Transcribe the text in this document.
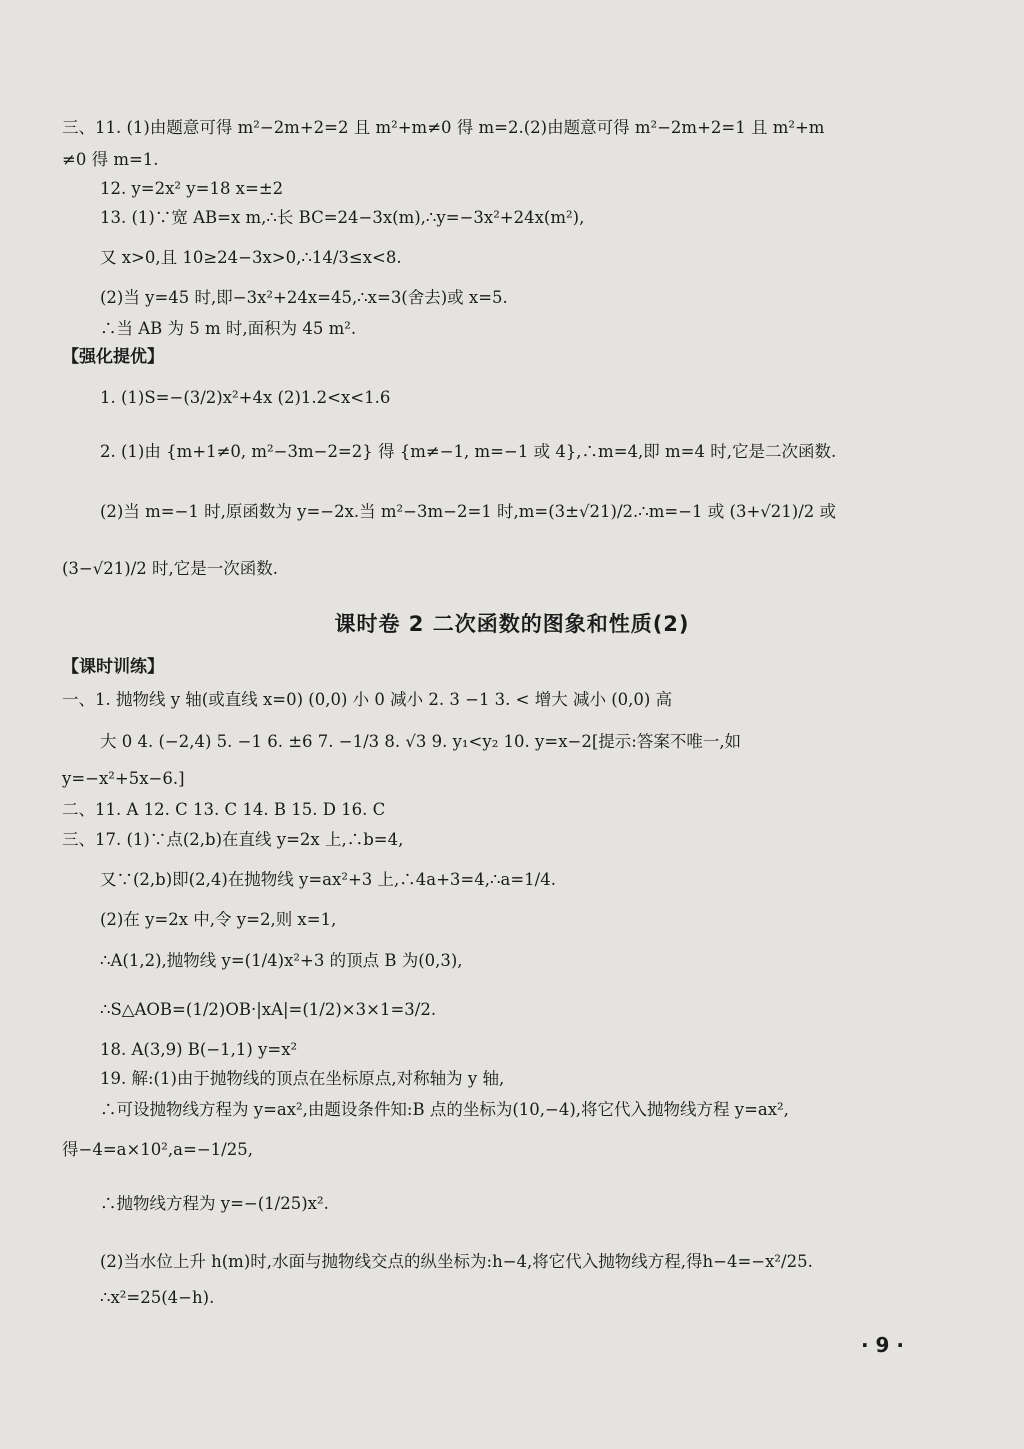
三、11. (1)由题意可得 m²−2m+2=2 且 m²+m≠0 得 m=2.(2)由题意可得 m²−2m+2=1 且 m²+m
≠0 得 m=1.
12. y=2x² y=18 x=±2
13. (1)∵宽 AB=x m,∴长 BC=24−3x(m),∴y=−3x²+24x(m²),
又 x>0,且 10≥24−3x>0,∴14/3≤x<8.
(2)当 y=45 时,即−3x²+24x=45,∴x=3(舍去)或 x=5.
∴当 AB 为 5 m 时,面积为 45 m².
【强化提优】
1. (1)S=−(3/2)x²+4x (2)1.2<x<1.6
2. (1)由 {m+1≠0, m²−3m−2=2} 得 {m≠−1, m=−1 或 4},∴m=4,即 m=4 时,它是二次函数.
(2)当 m=−1 时,原函数为 y=−2x.当 m²−3m−2=1 时,m=(3±√21)/2.∴m=−1 或 (3+√21)/2 或
(3−√21)/2 时,它是一次函数.
课时卷 2 二次函数的图象和性质(2)
【课时训练】
一、1. 抛物线 y 轴(或直线 x=0) (0,0) 小 0 减小 2. 3 −1 3. < 增大 减小 (0,0) 高
大 0 4. (−2,4) 5. −1 6. ±6 7. −1/3 8. √3 9. y₁<y₂ 10. y=x−2[提示:答案不唯一,如
y=−x²+5x−6.]
二、11. A 12. C 13. C 14. B 15. D 16. C
三、17. (1)∵点(2,b)在直线 y=2x 上,∴b=4,
又∵(2,b)即(2,4)在抛物线 y=ax²+3 上,∴4a+3=4,∴a=1/4.
(2)在 y=2x 中,令 y=2,则 x=1,
∴A(1,2),抛物线 y=(1/4)x²+3 的顶点 B 为(0,3),
∴S△AOB=(1/2)OB·|xA|=(1/2)×3×1=3/2.
18. A(3,9) B(−1,1) y=x²
19. 解:(1)由于抛物线的顶点在坐标原点,对称轴为 y 轴,
∴可设抛物线方程为 y=ax²,由题设条件知:B 点的坐标为(10,−4),将它代入抛物线方程 y=ax²,
得−4=a×10²,a=−1/25,
∴抛物线方程为 y=−(1/25)x².
(2)当水位上升 h(m)时,水面与抛物线交点的纵坐标为:h−4,将它代入抛物线方程,得h−4=−x²/25.
∴x²=25(4−h).
· 9 ·
